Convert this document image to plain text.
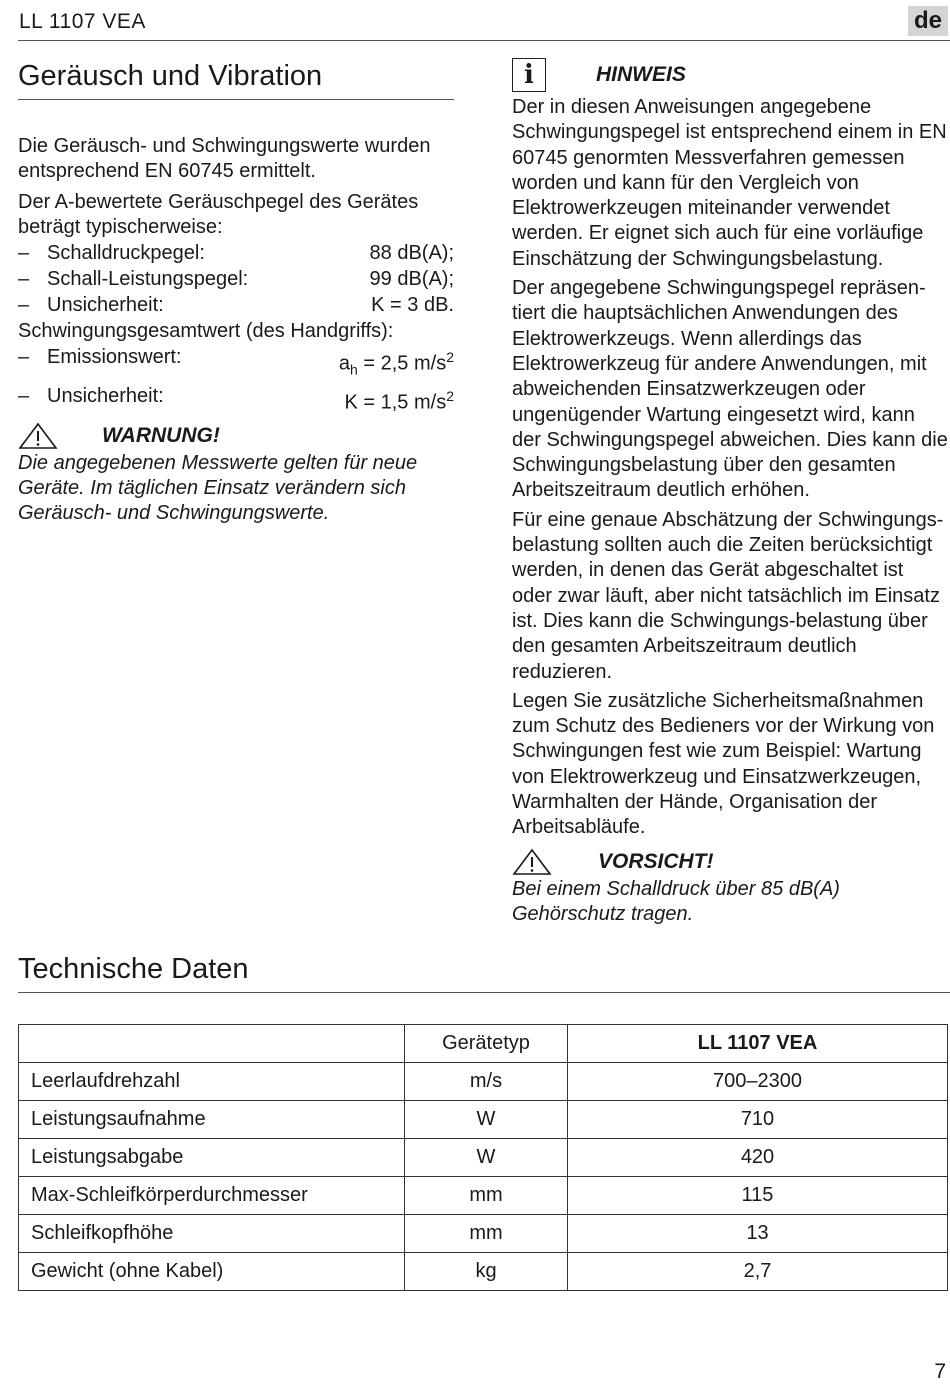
LL 1107 VEA	de
Geräusch und Vibration

Die Geräusch- und Schwingungswerte wurden entsprechend EN 60745 ermittelt.

Der A-bewertete Geräuschpegel des Gerätes beträgt typischerweise:

– Schalldruckpegel:	88 dB(A);
– Schall-Leistungspegel:	99 dB(A);
– Unsicherheit:	K = 3 dB.
Schwingungsgesamtwert (des Handgriffs):
– Emissionswert:	$a_h = 2,5$ $m/s^2$
– Unsicherheit:	K = 1,5 $m/s^2$
WARNUNG!

Die angegebenen Messwerte gelten für neue Geräte. Im täglichen Einsatz verändern sich Geräusch- und Schwingungswerte.

i	HINWEIS

Der in diesen Anweisungen angegebene Schwingungspegel ist entsprechend einem in EN 60745 genormten Messverfahren gemessen worden und kann für den Vergleich von Elektrowerkzeugen miteinander verwendet werden. Er eignet sich auch für eine vorläufige Einschätzung der Schwingungsbelastung.

Der angegebene Schwingungspegel repräsen-tiert die hauptsächlichen Anwendungen des Elektrowerkzeugs. Wenn allerdings das Elektrowerkzeug für andere Anwendungen, mit abweichenden Einsatzwerkzeugen oder ungenügender Wartung eingesetzt wird, kann der Schwingungspegel abweichen. Dies kann die Schwingungsbelastung über den gesamten Arbeitszeitraum deutlich erhöhen.

Für eine genaue Abschätzung der Schwingungs-belastung sollten auch die Zeiten berücksichtigt werden, in denen das Gerät abgeschaltet ist oder zwar läuft, aber nicht tatsächlich im Einsatz ist. Dies kann die Schwingungs-belastung über den gesamten Arbeitszeitraum deutlich reduzieren.

Legen Sie zusätzliche Sicherheitsmaßnahmen zum Schutz des Bedieners vor der Wirkung von Schwingungen fest wie zum Beispiel: Wartung von Elektrowerkzeug und Einsatzwerkzeugen, Warmhalten der Hände, Organisation der Arbeitsabläufe.

VORSICHT!

Bei einem Schalldruck über 85 dB(A) Gehörschutz tragen.

Technische Daten
	Gerätetyp	LL 1107 VEA
Leerlaufdrehzahl	m/s	700–2300
Leistungsaufnahme	W	710
Leistungsabgabe	W	420
Max-Schleifkörperdurchmesser	mm	115
Schleifkopfhöhe	mm	13
Gewicht (ohne Kabel)	kg	2,7
7
